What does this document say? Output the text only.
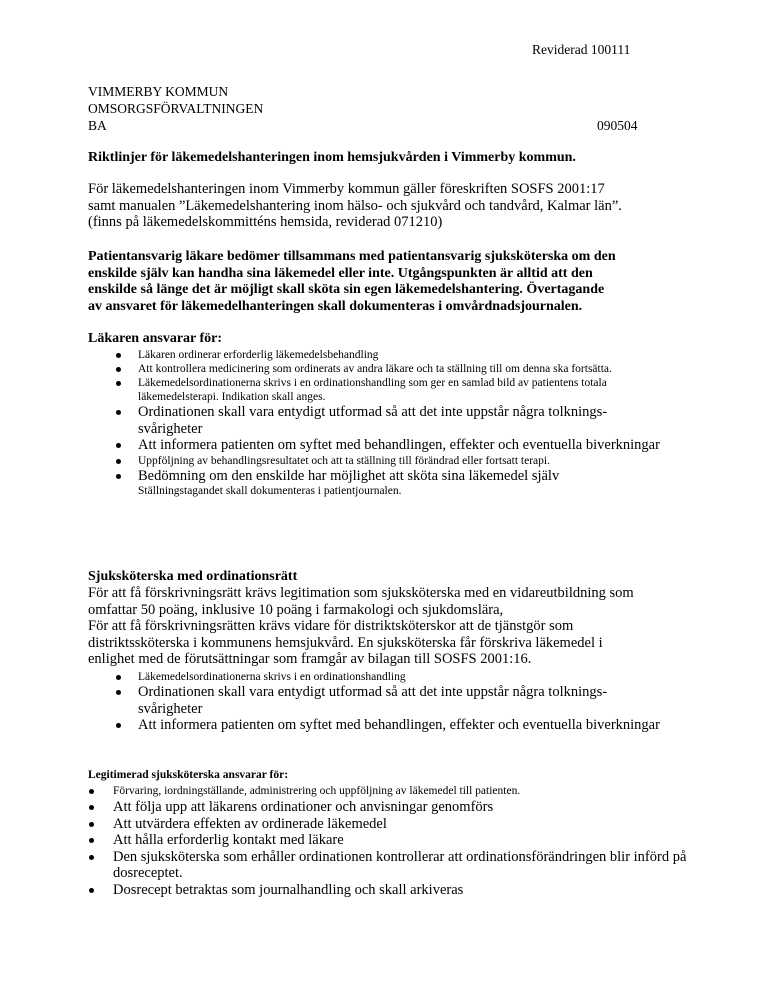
Reviderad 100111
VIMMERBY KOMMUN
OMSORGSFÖRVALTNINGEN
BA	090504
Riktlinjer för läkemedelshanteringen inom hemsjukvården i Vimmerby kommun.
För läkemedelshanteringen inom Vimmerby kommun gäller föreskriften SOSFS 2001:17
samt manualen ”Läkemedelshantering inom hälso- och sjukvård och tandvård, Kalmar län”.
(finns på läkemedelskommitténs hemsida, reviderad 071210)
Patientansvarig läkare bedömer tillsammans med patientansvarig sjuksköterska om den
enskilde själv kan handha sina läkemedel eller inte. Utgångspunkten är alltid att den
enskilde så länge det är möjligt skall sköta sin egen läkemedelshantering. Övertagande
av ansvaret för läkemedelhanteringen skall dokumenteras i omvårdnadsjournalen.
Läkaren ansvarar för:
Läkaren ordinerar erforderlig läkemedelsbehandling
Att kontrollera medicinering som ordinerats av andra läkare och ta ställning till om denna ska fortsätta.
Läkemedelsordinationerna skrivs i en ordinationshandling som ger en samlad bild av patientens totala läkemedelsterapi. Indikation skall anges.
Ordinationen skall vara entydigt utformad så att det inte uppstår några tolknings- svårigheter
Att informera patienten om syftet med behandlingen, effekter och eventuella biverkningar
Uppföljning av behandlingsresultatet och att ta ställning till förändrad eller fortsatt terapi.
Bedömning om den enskilde har möjlighet att sköta sina läkemedel själv
Ställningstagandet skall dokumenteras i patientjournalen.
Sjuksköterska med ordinationsrätt
För att få förskrivningsrätt krävs legitimation som sjuksköterska med en vidareutbildning som
omfattar 50 poäng, inklusive 10 poäng i farmakologi och sjukdomslära,
För att få förskrivningsrätten krävs vidare för distriktsköterskor att de tjänstgör som
distriktssköterska i kommunens hemsjukvård. En sjuksköterska får förskriva läkemedel i
enlighet med de förutsättningar som framgår av bilagan till SOSFS 2001:16.
Läkemedelsordinationerna skrivs i en ordinationshandling
Ordinationen skall vara entydigt utformad så att det inte uppstår några tolknings- svårigheter
Att informera patienten om syftet med behandlingen, effekter och eventuella biverkningar
Legitimerad sjuksköterska ansvarar för:
Förvaring, iordningställande, administrering och uppföljning av läkemedel till patienten.
Att följa upp att läkarens ordinationer och anvisningar genomförs
Att utvärdera effekten av ordinerade läkemedel
Att hålla erforderlig kontakt med läkare
Den sjuksköterska som erhåller ordinationen kontrollerar att ordinationsförändringen blir införd på dosreceptet.
Dosrecept betraktas som journalhandling och skall arkiveras
